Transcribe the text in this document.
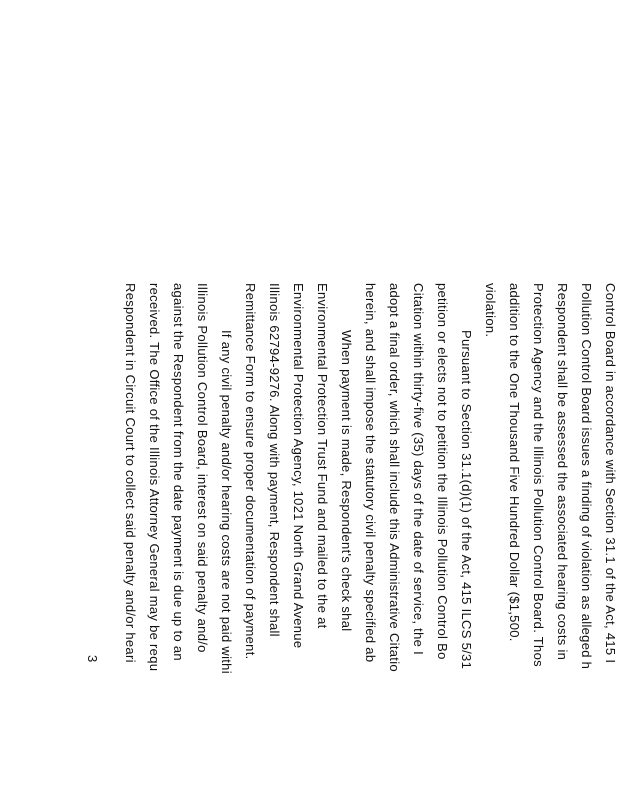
Control Board in accordance with Section 31.1 of the Act, 415 I
Pollution Control Board issues a finding of violation as alleged h
Respondent shall be assessed the associated hearing costs in
Protection Agency and the Illinois Pollution Control Board. Thos
addition to the One Thousand Five Hundred Dollar ($1,500.
violation.
Pursuant to Section 31.1(d)(1) of the Act, 415 ILCS 5/31
petition or elects not to petition the Illinois Pollution Control Bo
Citation within thirty-five (35) days of the date of service, the I
adopt a final order, which shall include this Administrative Citatio
herein, and shall impose the statutory civil penalty specified ab
When payment is made, Respondent's check shal
Environmental Protection Trust Fund and mailed to the at
Environmental Protection Agency, 1021 North Grand Avenue
Illinois 62794-9276. Along with payment, Respondent shall
Remittance Form to ensure proper documentation of payment.
If any civil penalty and/or hearing costs are not paid withi
Illinois Pollution Control Board, interest on said penalty and/o
against the Respondent from the date payment is due up to an
received. The Office of the Illinois Attorney General may be requ
Respondent in Circuit Court to collect said penalty and/or heari
3
